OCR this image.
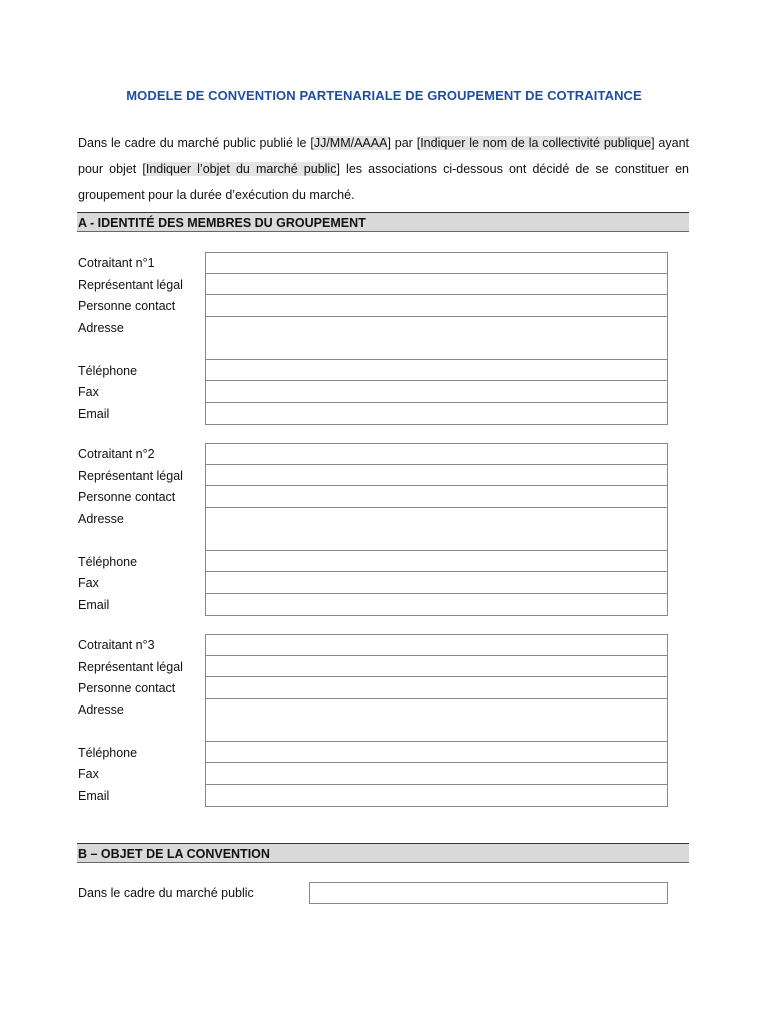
MODELE DE CONVENTION PARTENARIALE DE GROUPEMENT DE COTRAITANCE

Dans le cadre du marché public publié le [JJ/MM/AAAA] par [Indiquer le nom de la collectivité publique] ayant pour objet [Indiquer l’objet du marché public] les associations ci-dessous ont décidé de se constituer en groupement pour la durée d’exécution du marché.

A - IDENTITÉ DES MEMBRES DU GROUPEMENT
Cotraitant n°1
Représentant légal
Personne contact
Adresse
Téléphone
Fax
Email
Cotraitant n°2
Représentant légal
Personne contact
Adresse
Téléphone
Fax
Email
Cotraitant n°3
Représentant légal
Personne contact
Adresse
Téléphone
Fax
Email
B – OBJET DE LA CONVENTION
Dans le cadre du marché public
